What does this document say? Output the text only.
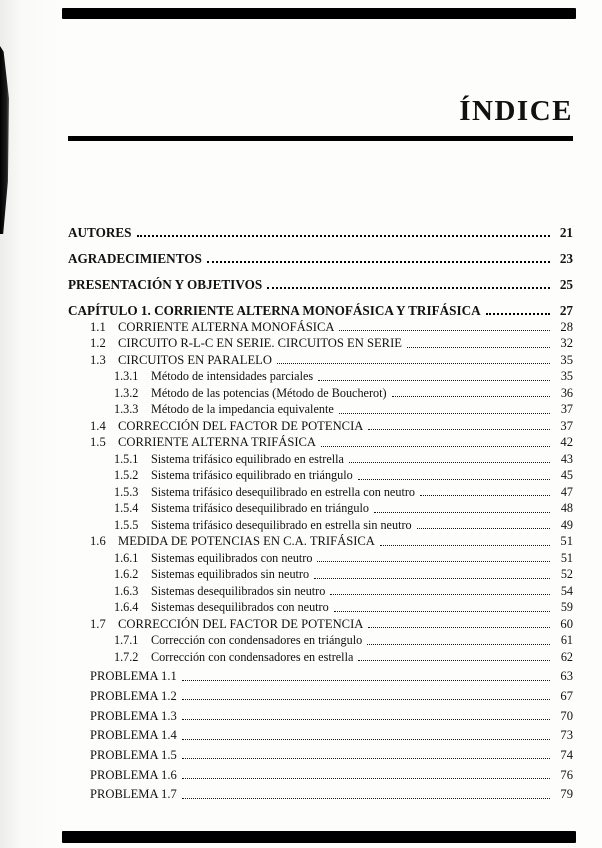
ÍNDICE
AUTORES	21
AGRADECIMIENTOS	23
PRESENTACIÓN Y OBJETIVOS	25
CAPÍTULO 1. CORRIENTE ALTERNA MONOFÁSICA Y TRIFÁSICA	27
1.1 CORRIENTE ALTERNA MONOFÁSICA	28
1.2 CIRCUITO R-L-C EN SERIE. CIRCUITOS EN SERIE	32
1.3 CIRCUITOS EN PARALELO	35
1.3.1	Método de intensidades parciales	35
1.3.2	Método de las potencias (Método de Boucherot)	36
1.3.3	Método de la impedancia equivalente	37
1.4 CORRECCIÓN DEL FACTOR DE POTENCIA	37
1.5 CORRIENTE ALTERNA TRIFÁSICA	42
1.5.1	Sistema trifásico equilibrado en estrella	43
1.5.2	Sistema trifásico equilibrado en triángulo	45
1.5.3	Sistema trifásico desequilibrado en estrella con neutro	47
1.5.4	Sistema trifásico desequilibrado en triángulo	48
1.5.5	Sistema trifásico desequilibrado en estrella sin neutro	49
1.6 MEDIDA DE POTENCIAS EN C.A. TRIFÁSICA	51
1.6.1	Sistemas equilibrados con neutro	51
1.6.2	Sistemas equilibrados sin neutro	52
1.6.3	Sistemas desequilibrados sin neutro	54
1.6.4	Sistemas desequilibrados con neutro	59
1.7 CORRECCIÓN DEL FACTOR DE POTENCIA	60
1.7.1	Corrección con condensadores en triángulo	61
1.7.2	Corrección con condensadores en estrella	62
PROBLEMA 1.1	63
PROBLEMA 1.2	67
PROBLEMA 1.3	70
PROBLEMA 1.4	73
PROBLEMA 1.5	74
PROBLEMA 1.6	76
PROBLEMA 1.7	79
